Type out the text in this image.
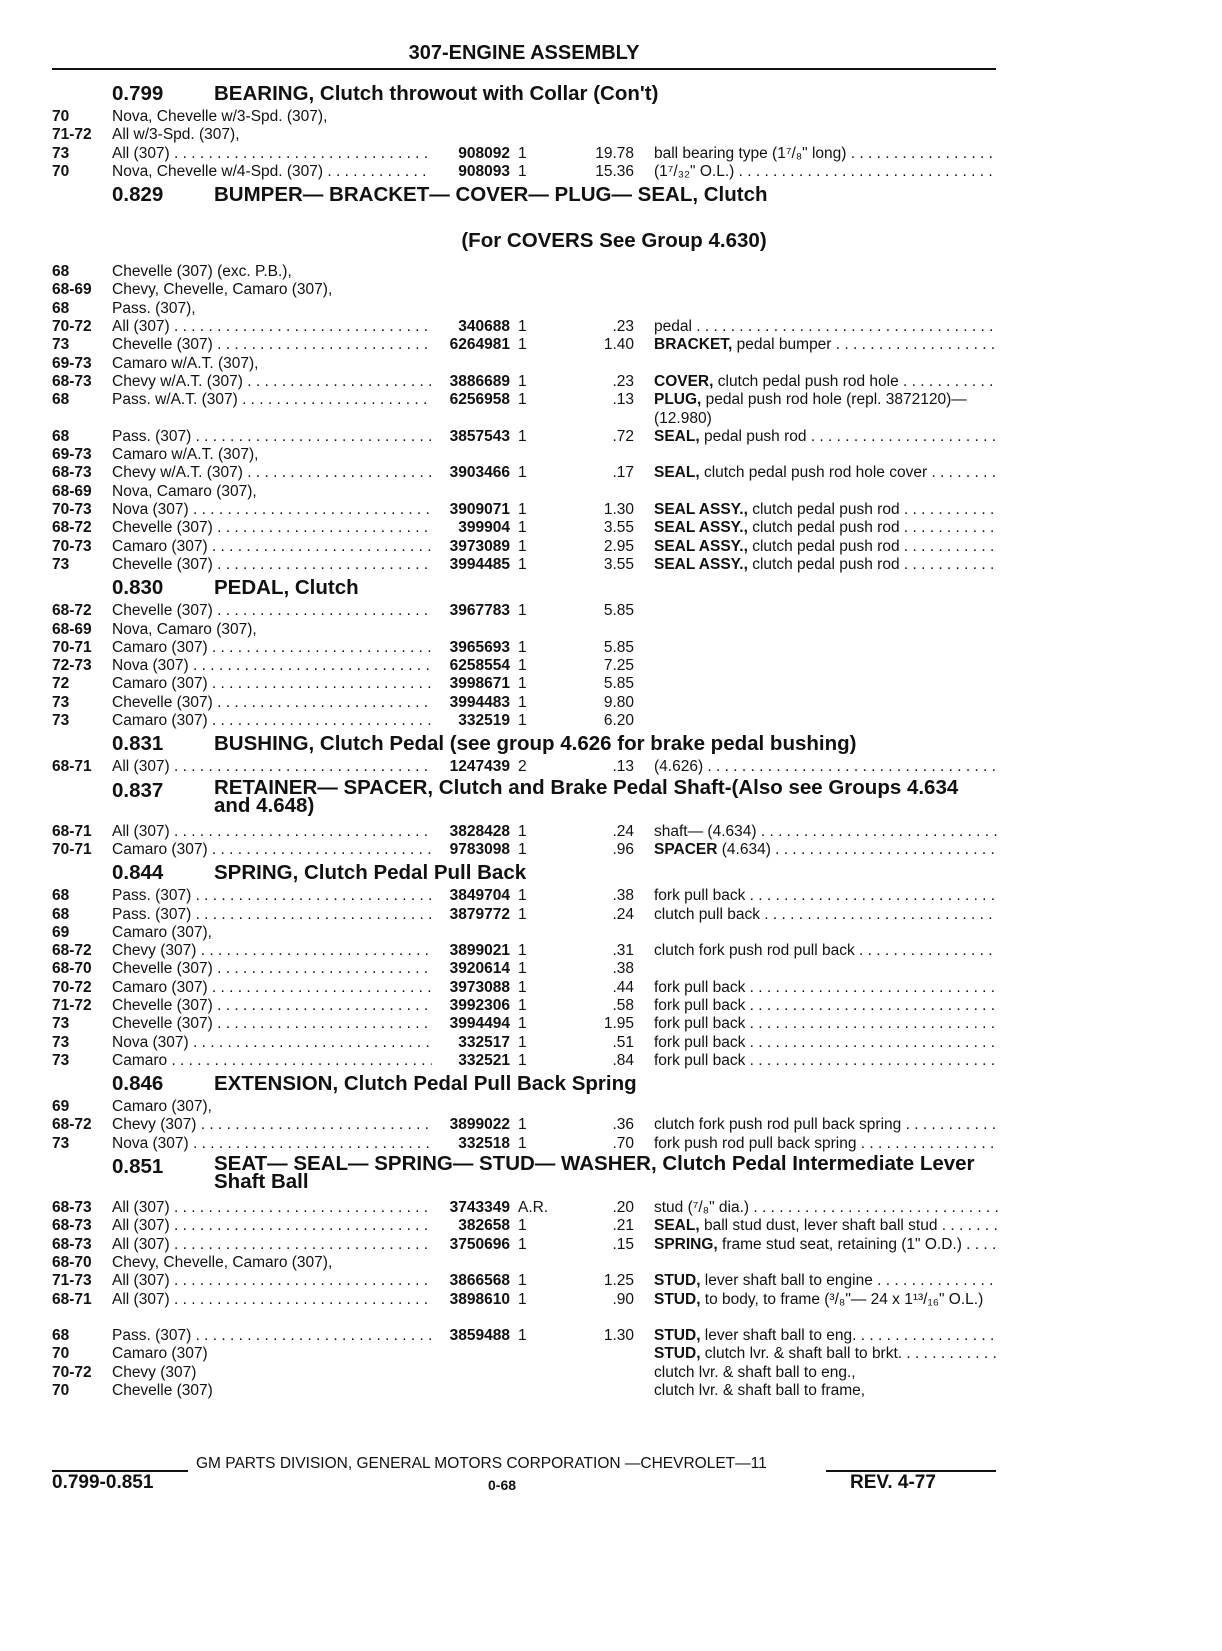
307-ENGINE ASSEMBLY
0.799 BEARING, Clutch throwout with Collar (Con't)
70	Nova, Chevelle w/3-Spd. (307),
71-72	All w/3-Spd. (307),
73	All (307) . . .	908092 1	19.78 ball bearing type (1⁷/₈" long) . . .
70	Nova, Chevelle w/4-Spd. (307) . . .	908093 1	15.36 (1⁷/₃₂" O.L.) . . .
0.829 BUMPER— BRACKET— COVER— PLUG— SEAL, Clutch
(For COVERS See Group 4.630)
68	Chevelle (307) (exc. P.B.),
68-69	Chevy, Chevelle, Camaro (307),
68	Pass. (307),
70-72	All (307) . . .	340688 1	.23 pedal . . .
73	Chevelle (307) . . .	6264981 1	1.40 BRACKET, pedal bumper . . .
69-73	Camaro w/A.T. (307),
68-73	Chevy w/A.T. (307) . . .	3886689 1	.23 COVER, clutch pedal push rod hole . . .
68	Pass. w/A.T. (307) . . .	6256958 1	.13 PLUG, pedal push rod hole (repl. 3872120)— (12.980)
68	Pass. (307) . . .	3857543 1	.72 SEAL, pedal push rod . . .
69-73	Camaro w/A.T. (307),
68-73	Chevy w/A.T. (307) . . .	3903466 1	.17 SEAL, clutch pedal push rod hole cover . . .
68-69	Nova, Camaro (307),
70-73	Nova (307) . . .	3909071 1	1.30 SEAL ASSY., clutch pedal push rod . . .
68-72	Chevelle (307) . . .	399904 1	3.55 SEAL ASSY., clutch pedal push rod . . .
70-73	Camaro (307) . . .	3973089 1	2.95 SEAL ASSY., clutch pedal push rod . . .
73	Chevelle (307) . . .	3994485 1	3.55 SEAL ASSY., clutch pedal push rod . . .
0.830 PEDAL, Clutch
68-72	Chevelle (307) . . .	3967783 1	5.85
68-69	Nova, Camaro (307),
70-71	Camaro (307) . . .	3965693 1	5.85
72-73	Nova (307) . . .	6258554 1	7.25
72	Camaro (307) . . .	3998671 1	5.85
73	Chevelle (307) . . .	3994483 1	9.80
73	Camaro (307) . . .	332519 1	6.20
0.831 BUSHING, Clutch Pedal (see group 4.626 for brake pedal bushing)
68-71	All (307) . . .	1247439 2	.13 (4.626) . . .
0.837 RETAINER— SPACER, Clutch and Brake Pedal Shaft-(Also see Groups 4.634 and 4.648)
68-71	All (307) . . .	3828428 1	.24 shaft— (4.634) . . .
70-71	Camaro (307) . . .	9783098 1	.96 SPACER (4.634) . . .
0.844 SPRING, Clutch Pedal Pull Back
68	Pass. (307) . . .	3849704 1	.38 fork pull back . . .
68	Pass. (307) . . .	3879772 1	.24 clutch pull back . . .
69	Camaro (307),
68-72	Chevy (307) . . .	3899021 1	.31 clutch fork push rod pull back . . .
68-70	Chevelle (307) . . .	3920614 1	.38
70-72	Camaro (307) . . .	3973088 1	.44 fork pull back . . .
71-72	Chevelle (307) . . .	3992306 1	.58 fork pull back . . .
73	Chevelle (307) . . .	3994494 1	1.95 fork pull back . . .
73	Nova (307) . . .	332517 1	.51 fork pull back . . .
73	Camaro . . .	332521 1	.84 fork pull back . . .
0.846 EXTENSION, Clutch Pedal Pull Back Spring
69	Camaro (307),
68-72	Chevy (307) . . .	3899022 1	.36 clutch fork push rod pull back spring . . .
73	Nova (307) . . .	332518 1	.70 fork push rod pull back spring . . .
0.851 SEAT— SEAL— SPRING— STUD— WASHER, Clutch Pedal Intermediate Lever Shaft Ball
68-73	All (307) . . .	3743349 A.R.	.20 stud (⁷/₈" dia.) . . .
68-73	All (307) . . .	382658 1	.21 SEAL, ball stud dust, lever shaft ball stud . . .
68-73	All (307) . . .	3750696 1	.15 SPRING, frame stud seat, retaining (1" O.D.) . . .
68-70	Chevy, Chevelle, Camaro (307),
71-73	All (307) . . .	3866568 1	1.25 STUD, lever shaft ball to engine . . .
68-71	All (307) . . .	3898610 1	.90 STUD, to body, to frame (³/₈"— 24 x 1¹³/₁₆" O.L.)
68	Pass. (307) . . .	3859488 1	1.30 STUD, lever shaft ball to eng. . . .
70	Camaro (307)	STUD, clutch lvr. & shaft ball to brkt. . . .
70-72	Chevy (307)	clutch lvr. & shaft ball to eng.,
70	Chevelle (307)	clutch lvr. & shaft ball to frame,
GM PARTS DIVISION, GENERAL MOTORS CORPORATION —CHEVROLET—11
0.799-0.851	0-68	REV. 4-77
